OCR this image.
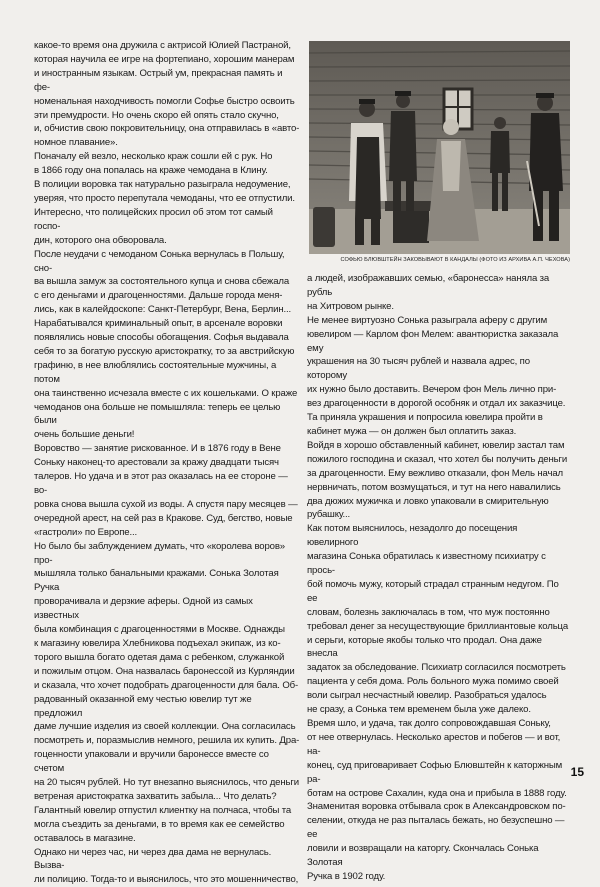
какое-то время она дружила с актрисой Юлией Пастраной,
которая научила ее игре на фортепиано, хорошим манерам
и иностранным языкам. Острый ум, прекрасная память и фе-
номенальная находчивость помогли Софье быстро освоить
эти премудрости. Но очень скоро ей опять стало скучно,
и, обчистив свою покровительницу, она отправилась в «авто-
номное плавание».

Поначалу ей везло, несколько краж сошли ей с рук. Но
в 1866 году она попалась на краже чемодана в Клину.
В полиции воровка так натурально разыграла недоумение,
уверяя, что просто перепутала чемоданы, что ее отпустили.
Интересно, что полицейских просил об этом тот самый госпо-
дин, которого она обворовала.

После неудачи с чемоданом Сонька вернулась в Польшу, сно-
ва вышла замуж за состоятельного купца и снова сбежала
с его деньгами и драгоценностями. Дальше города меня-
лись, как в калейдоскопе: Санкт-Петербург, Вена, Берлин...
Нарабатывался криминальный опыт, в арсенале воровки
появлялись новые способы обогащения. Софья выдавала
себя то за богатую русскую аристократку, то за австрийскую
графиню, в нее влюблялись состоятельные мужчины, а потом
она таинственно исчезала вместе с их кошельками. О краже
чемоданов она больше не помышляла: теперь ее целью были
очень большие деньги!

Воровство — занятие рискованное. И в 1876 году в Вене
Соньку наконец-то арестовали за кражу двадцати тысяч
талеров. Но удача и в этот раз оказалась на ее стороне — во-
ровка снова вышла сухой из воды. А спустя пару месяцев —
очередной арест, на сей раз в Кракове. Суд, бегство, новые
«гастроли» по Европе...

Но было бы заблуждением думать, что «королева воров» про-
мышляла только банальными кражами. Сонька Золотая Ручка
проворачивала и дерзкие аферы. Одной из самых известных
была комбинация с драгоценностями в Москве. Однажды
к магазину ювелира Хлебникова подъехал экипаж, из ко-
торого вышла богато одетая дама с ребенком, служанкой
и пожилым отцом. Она назвалась баронессой из Курляндии
и сказала, что хочет подобрать драгоценности для бала. Об-
радованный оказанной ему честью ювелир тут же предложил
даме лучшие изделия из своей коллекции. Она согласилась
посмотреть и, поразмыслив немного, решила их купить. Дра-
гоценности упаковали и вручили баронессе вместе со счетом
на 20 тысяч рублей. Но тут внезапно выяснилось, что деньги
ветреная аристократка захватить забыла... Что делать?
Галантный ювелир отпустил клиентку на полчаса, чтобы та
могла съездить за деньгами, в то время как ее семейство
оставалось в магазине.

Однако ни через час, ни через два дама не вернулась. Вызва-
ли полицию. Тогда-то и выяснилось, что это мошенничество,

СОФЬЮ БЛЮВШТЕЙН ЗАКОВЫВАЮТ В КАНДАЛЫ (ФОТО ИЗ АРХИВА А.П. ЧЕХОВА)

а людей, изображавших семью, «баронесса» наняла за рубль
на Хитровом рынке.

Не менее виртуозно Сонька разыграла аферу с другим
ювелиром — Карлом фон Мелем: авантюристка заказала ему
украшения на 30 тысяч рублей и назвала адрес, по которому
их нужно было доставить. Вечером фон Мель лично при-
вез драгоценности в дорогой особняк и отдал их заказчице.
Та приняла украшения и попросила ювелира пройти в кабинет мужа — он должен был оплатить заказ.

Войдя в хорошо обставленный кабинет, ювелир застал там
пожилого господина и сказал, что хотел бы получить деньги
за драгоценности. Ему вежливо отказали, фон Мель начал
нервничать, потом возмущаться, и тут на него навалились
два дюжих мужичка и ловко упаковали в смирительную
рубашку...

Как потом выяснилось, незадолго до посещения ювелирного
магазина Сонька обратилась к известному психиатру с прось-
бой помочь мужу, который страдал странным недугом. По ее
словам, болезнь заключалась в том, что муж постоянно
требовал денег за несуществующие бриллиантовые кольца
и серьги, которые якобы только что продал. Она даже внесла
задаток за обследование. Психиатр согласился посмотреть
пациента у себя дома. Роль больного мужа помимо своей
воли сыграл несчастный ювелир. Разобраться удалось
не сразу, а Сонька тем временем была уже далеко.

Время шло, и удача, так долго сопровождавшая Соньку,
от нее отвернулась. Несколько арестов и побегов — и вот, на-
конец, суд приговаривает Софью Блювштейн к каторжным ра-
ботам на острове Сахалин, куда она и прибыла в 1888 году.
Знаменитая воровка отбывала срок в Александровском по-
селении, откуда не раз пыталась бежать, но безуспешно — ее
ловили и возвращали на каторгу. Скончалась Сонька Золотая
Ручка в 1902 году.

15
